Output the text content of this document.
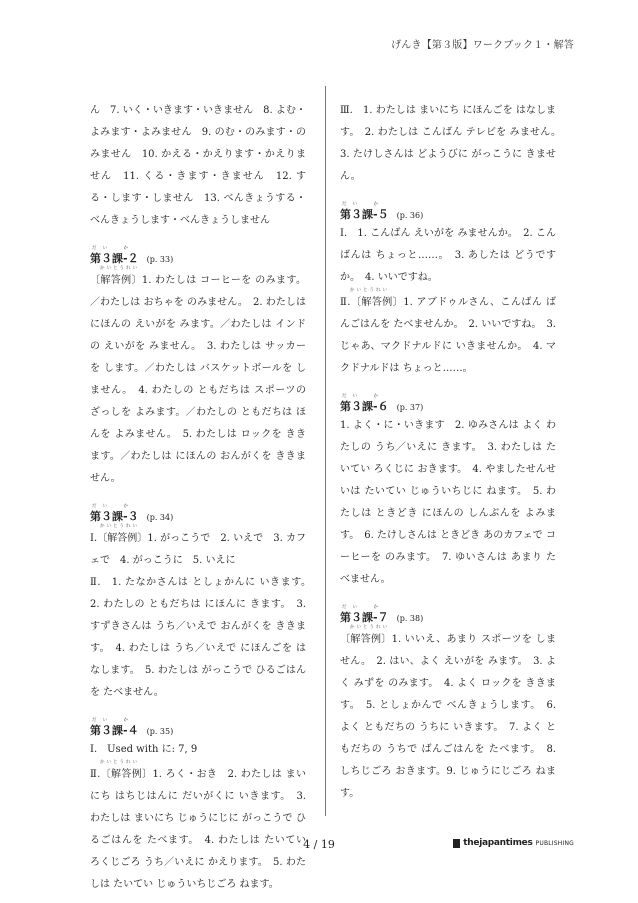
げんき【第３版】ワークブック１・解答

ん　7. いく・いきます・いきません　8. よむ・よみます・よみません　9. のむ・のみます・のみません　10. かえる・かえります・かえりません　11. くる・きます・きません　12. する・します・しません　13. べんきょうする・べんきょうします・べんきょうしません

だい　か
第３課-２ (p. 33)
かいとうれい

〔解答例〕1. わたしは コーヒーを のみます。／わたしは おちゃを のみません。　2. わたしは にほんの えいがを みます。／わたしは インドの えいがを みません。　3. わたしは サッカーを します。／わたしは バスケットボールを しません。　4. わたしの ともだちは スポーツの ざっしを よみます。／わたしの ともだちは ほんを よみません。　5. わたしは ロックを ききます。／わたしは にほんの おんがくを ききません。

だい　か
第３課-３ (p. 34)
かいとうれい

Ⅰ.〔解答例〕1. がっこうで　2. いえで　3. カフェで　4. がっこうに　5. いえに

Ⅱ.　1. たなかさんは としょかんに いきます。　2. わたしの ともだちは にほんに きます。　3. すずきさんは うち／いえで おんがくを ききます。　4. わたしは うち／いえで にほんごを はなします。　5. わたしは がっこうで ひるごはんを たべません。

だい　か
第３課-４ (p. 35)

Ⅰ.　Used with に: 7, 9

かいとうれい

Ⅱ.〔解答例〕1. ろく・おき　2. わたしは まいにち はちじはんに だいがくに いきます。　3. わたしは まいにち じゅうにじに がっこうで ひるごはんを たべます。　4. わたしは たいてい ろくじごろ うち／いえに かえります。　5. わたしは たいてい じゅういちじごろ ねます。

Ⅲ.　1. わたしは まいにち にほんごを はなします。　2. わたしは こんばん テレビを みません。　3. たけしさんは どようびに がっこうに きません。

だい　か
第３課-５ (p. 36)

Ⅰ.　1. こんばん えいがを みませんか。　2. こんばんは ちょっと……。　3. あしたは どうですか。　4. いいですね。

かいとうれい

Ⅱ.〔解答例〕1. アブドゥルさん、こんばん ばんごはんを たべませんか。　2. いいですね。　3. じゃあ、マクドナルドに いきませんか。　4. マクドナルドは ちょっと……。

だい　か
第３課-６ (p. 37)

1. よく・に・いきます　2. ゆみさんは よく わたしの うち／いえに きます。　3. わたしは たいてい ろくじに おきます。　4. やましたせんせいは たいてい じゅういちじに ねます。　5. わたしは ときどき にほんの しんぶんを よみます。　6. たけしさんは ときどき あのカフェで コーヒーを のみます。　7. ゆいさんは あまり たべません。

だい　か
第３課-７ (p. 38)
かいとうれい

〔解答例〕1. いいえ、あまり スポーツを しません。　2. はい、よく えいがを みます。　3. よく みずを のみます。　4. よく ロックを ききます。　5. としょかんで べんきょうします。　6. よく ともだちの うちに いきます。　7. よく ともだちの うちで ばんごはんを たべます。　8. しちじごろ おきます。9. じゅうにじごろ ねます。

4 / 19	thejapantimes PUBLISHING
